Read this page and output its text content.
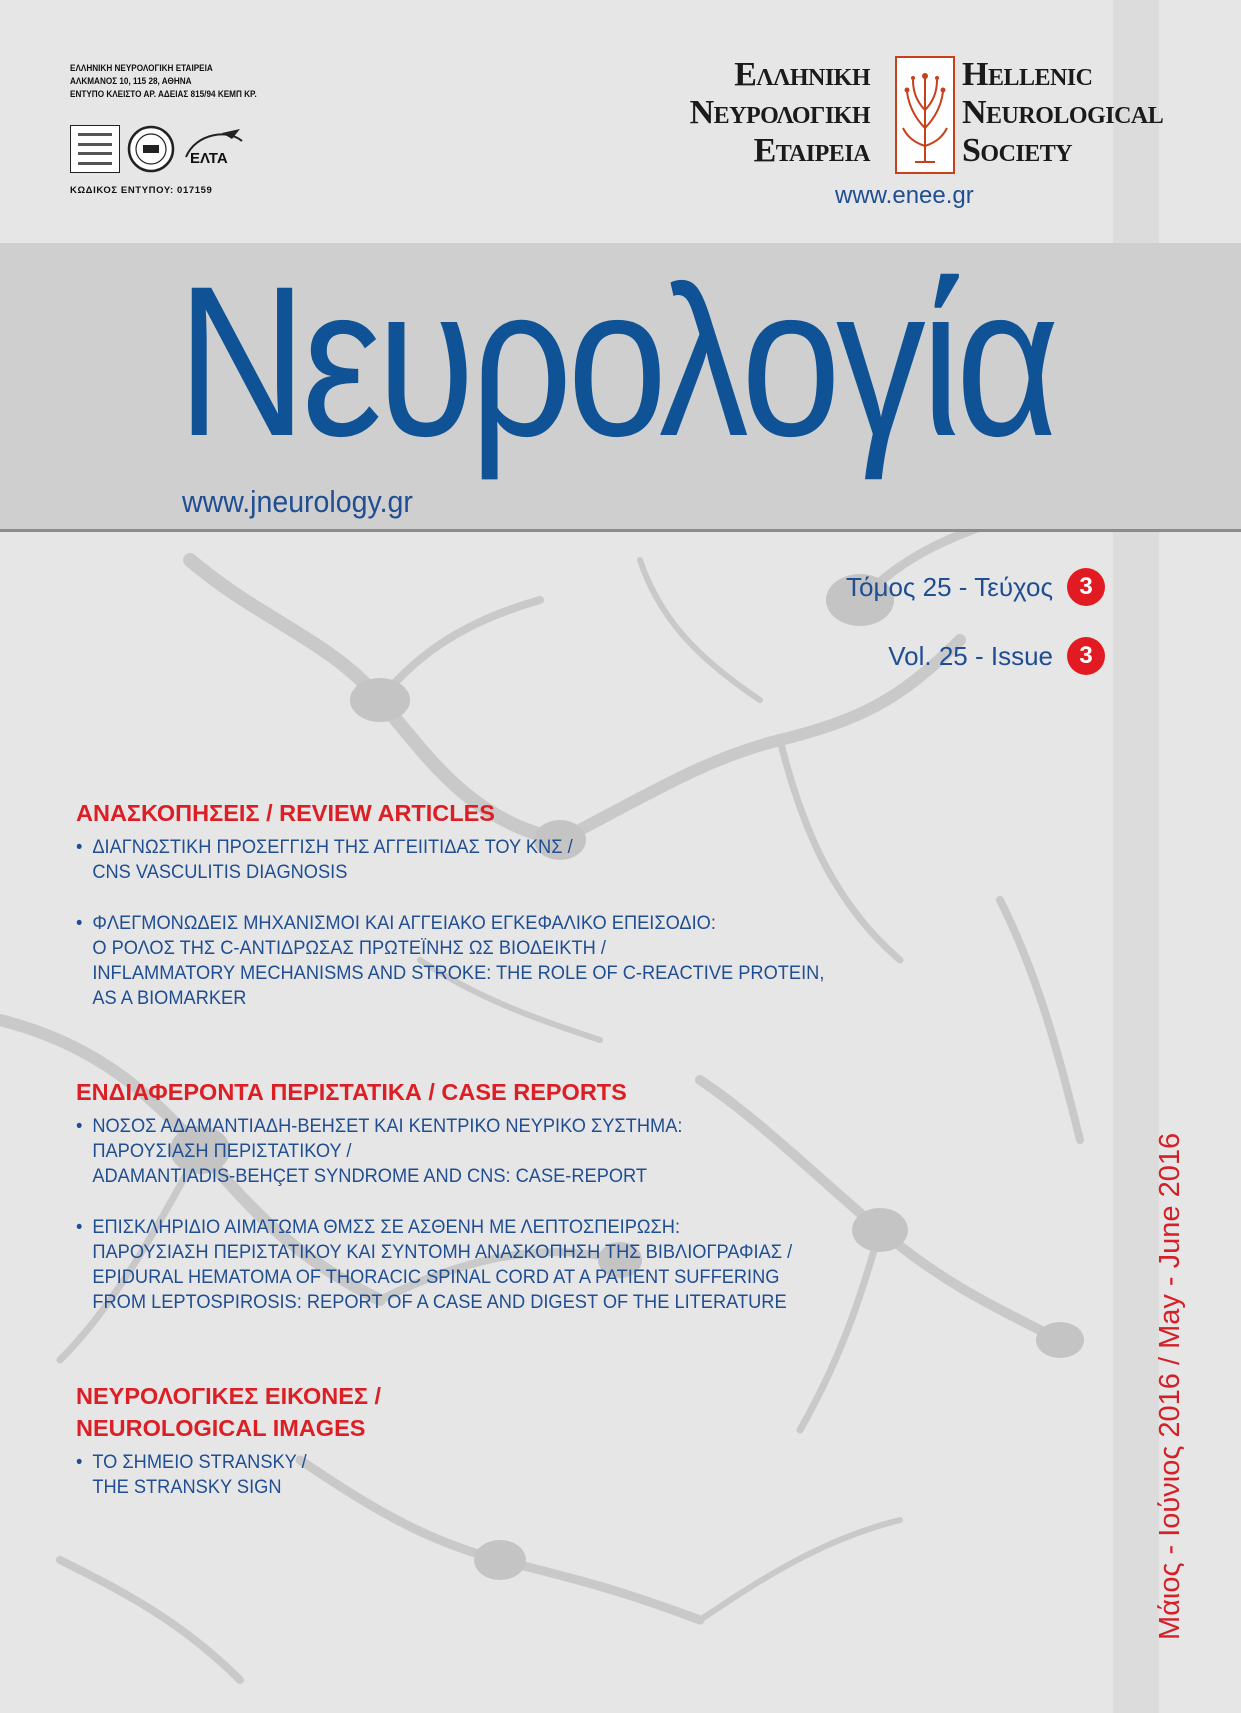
ΕΛΛΗΝΙΚΗ ΝΕΥΡΟΛΟΓΙΚΗ ΕΤΑΙΡΕΙΑ
ΑΛΚΜΑΝΟΣ 10, 115 28, ΑΘΗΝΑ
ΕΝΤΥΠΟ ΚΛΕΙΣΤΟ ΑΡ. ΑΔΕΙΑΣ 815/94 ΚΕΜΠ ΚΡ.
ΕΛΤΑ
ΚΩΔΙΚΟΣ ΕΝΤΥΠΟΥ: 017159
Ελληνικη
Νευρολογικη
Εταιρεια
Hellenic
Neurological
Society
www.enee.gr
Νευρολογία
www.jneurology.gr
Τόμος 25 - Τεύχος	3
Vol. 25 - Issue	3
ΑΝΑΣΚΟΠΗΣΕΙΣ / REVIEW ARTICLES
• ΔΙΑΓΝΩΣΤΙΚΗ ΠΡΟΣΕΓΓΙΣΗ ΤΗΣ ΑΓΓΕΙΙΤΙΔΑΣ ΤΟΥ ΚΝΣ /
CNS VASCULITIS DIAGNOSIS
• ΦΛΕΓΜΟΝΩΔΕΙΣ ΜΗΧΑΝΙΣΜΟΙ ΚΑΙ ΑΓΓΕΙΑΚΟ ΕΓΚΕΦΑΛΙΚΟ ΕΠΕΙΣΟΔΙΟ:
Ο ΡΟΛΟΣ ΤΗΣ C-ΑΝΤΙΔΡΩΣΑΣ ΠΡΩΤΕΪΝΗΣ ΩΣ ΒΙΟΔΕΙΚΤΗ /
INFLAMMATORY MECHANISMS AND STROKE: THE ROLE OF C-REACTIVE PROTEIN,
AS A BIOMARKER
ΕΝΔΙΑΦΕΡΟΝΤΑ ΠΕΡΙΣΤΑΤΙΚΑ / CASE REPORTS
• ΝΟΣΟΣ ΑΔΑΜΑΝΤΙΑΔΗ-ΒΕΗΣΕΤ ΚΑΙ ΚΕΝΤΡΙΚΟ ΝΕΥΡΙΚΟ ΣΥΣΤΗΜΑ:
ΠΑΡΟΥΣΙΑΣΗ ΠΕΡΙΣΤΑΤΙΚΟΥ /
ADAMANTIADIS-BEHÇET SYNDROME AND CNS: CASE-REPORT
• ΕΠΙΣΚΛΗΡΙΔΙΟ ΑΙΜΑΤΩΜΑ ΘΜΣΣ ΣΕ ΑΣΘΕΝΗ ΜΕ ΛΕΠΤΟΣΠΕΙΡΩΣΗ:
ΠΑΡΟΥΣΙΑΣΗ ΠΕΡΙΣΤΑΤΙΚΟΥ ΚΑΙ ΣΥΝΤΟΜΗ ΑΝΑΣΚΟΠΗΣΗ ΤΗΣ ΒΙΒΛΙΟΓΡΑΦΙΑΣ /
EPIDURAL HEMATOMA OF THORACIC SPINAL CORD AT A PATIENT SUFFERING
FROM LEPTOSPIROSIS: REPORT OF A CASE AND DIGEST OF THE LITERATURE
ΝΕΥΡΟΛΟΓΙΚΕΣ ΕΙΚΟΝΕΣ /
NEUROLOGICAL IMAGES
• ΤΟ ΣΗΜΕΙΟ STRANSKY /
THE STRANSKY SIGN	Μάιος - Ιούνιος 2016 / May - June 2016
